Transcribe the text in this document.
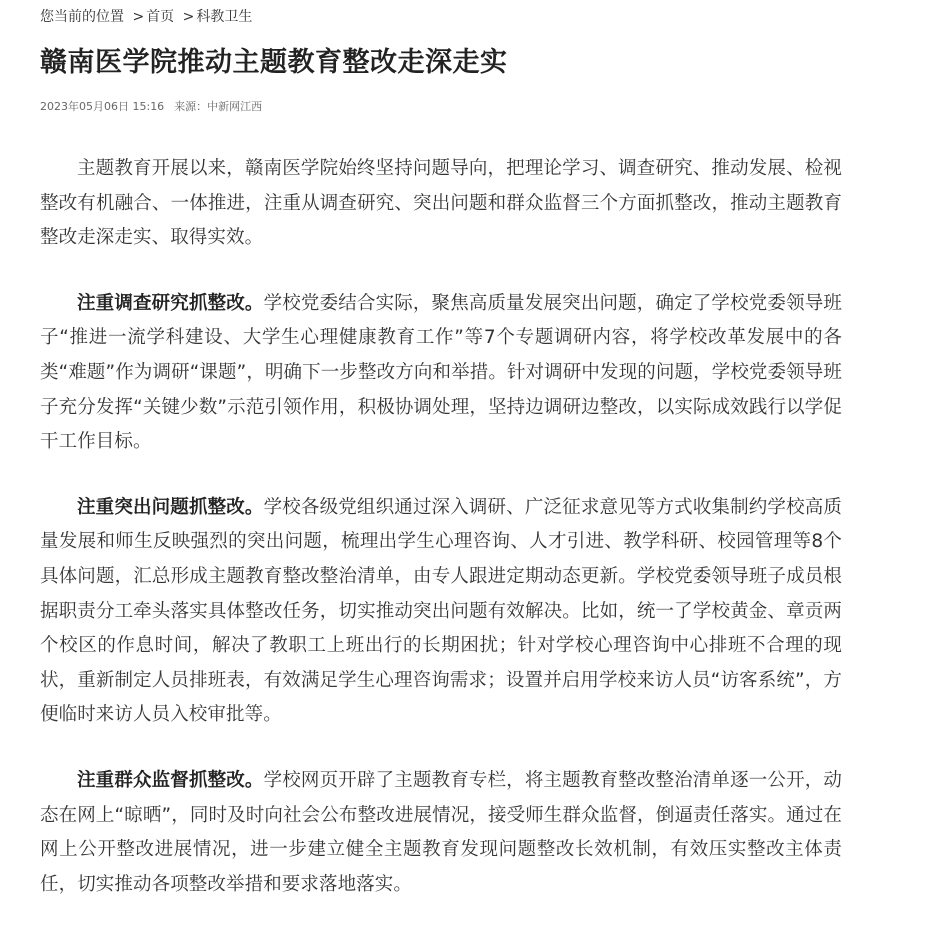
您当前的位置 > 首页 > 科教卫生
赣南医学院推动主题教育整改走深走实
2023年05月06日 15:16 来源：中新网江西

主题教育开展以来，赣南医学院始终坚持问题导向，把理论学习、调查研究、推动发展、检视整改有机融合、一体推进，注重从调查研究、突出问题和群众监督三个方面抓整改，推动主题教育整改走深走实、取得实效。

注重调查研究抓整改。学校党委结合实际，聚焦高质量发展突出问题，确定了学校党委领导班子“推进一流学科建设、大学生心理健康教育工作”等7个专题调研内容，将学校改革发展中的各类“难题”作为调研“课题”，明确下一步整改方向和举措。针对调研中发现的问题，学校党委领导班子充分发挥“关键少数”示范引领作用，积极协调处理，坚持边调研边整改，以实际成效践行以学促干工作目标。

注重突出问题抓整改。学校各级党组织通过深入调研、广泛征求意见等方式收集制约学校高质量发展和师生反映强烈的突出问题，梳理出学生心理咨询、人才引进、教学科研、校园管理等8个具体问题，汇总形成主题教育整改整治清单，由专人跟进定期动态更新。学校党委领导班子成员根据职责分工牵头落实具体整改任务，切实推动突出问题有效解决。比如，统一了学校黄金、章贡两个校区的作息时间，解决了教职工上班出行的长期困扰；针对学校心理咨询中心排班不合理的现状，重新制定人员排班表，有效满足学生心理咨询需求；设置并启用学校来访人员“访客系统”，方便临时来访人员入校审批等。

注重群众监督抓整改。学校网页开辟了主题教育专栏，将主题教育整改整治清单逐一公开，动态在网上“晾晒”，同时及时向社会公布整改进展情况，接受师生群众监督，倒逼责任落实。通过在网上公开整改进展情况，进一步建立健全主题教育发现问题整改长效机制，有效压实整改主体责任，切实推动各项整改举措和要求落地落实。
